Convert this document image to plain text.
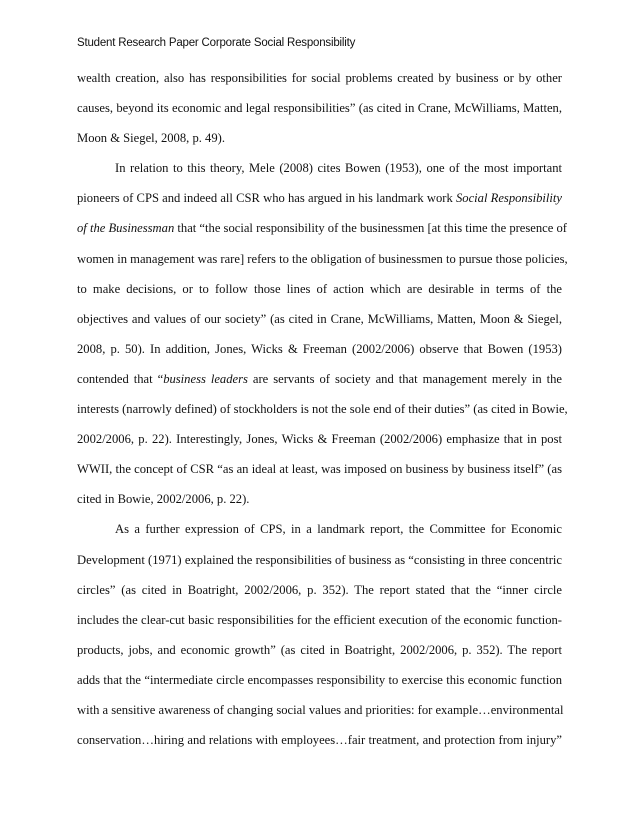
Student Research Paper Corporate Social Responsibility
wealth creation, also has responsibilities for social problems created by business or by other
causes, beyond its economic and legal responsibilities” (as cited in Crane, McWilliams, Matten,
Moon & Siegel, 2008, p. 49).
In relation to this theory, Mele (2008) cites Bowen (1953), one of the most important
pioneers of CPS and indeed all CSR who has argued in his landmark work Social Responsibility
of the Businessman that “the social responsibility of the businessmen [at this time the presence of
women in management was rare] refers to the obligation of businessmen to pursue those policies,
to make decisions, or to follow those lines of action which are desirable in terms of the
objectives and values of our society” (as cited in Crane, McWilliams, Matten, Moon & Siegel,
2008, p. 50). In addition, Jones, Wicks & Freeman (2002/2006) observe that Bowen (1953)
contended that “business leaders are servants of society and that management merely in the
interests (narrowly defined) of stockholders is not the sole end of their duties” (as cited in Bowie,
2002/2006, p. 22). Interestingly, Jones, Wicks & Freeman (2002/2006) emphasize that in post
WWII, the concept of CSR “as an ideal at least, was imposed on business by business itself” (as
cited in Bowie, 2002/2006, p. 22).
As a further expression of CPS, in a landmark report, the Committee for Economic
Development (1971) explained the responsibilities of business as “consisting in three concentric
circles” (as cited in Boatright, 2002/2006, p. 352). The report stated that the “inner circle
includes the clear-cut basic responsibilities for the efficient execution of the economic function-
products, jobs, and economic growth” (as cited in Boatright, 2002/2006, p. 352). The report
adds that the “intermediate circle encompasses responsibility to exercise this economic function
with a sensitive awareness of changing social values and priorities: for example…environmental
conservation…hiring and relations with employees…fair treatment, and protection from injury”
